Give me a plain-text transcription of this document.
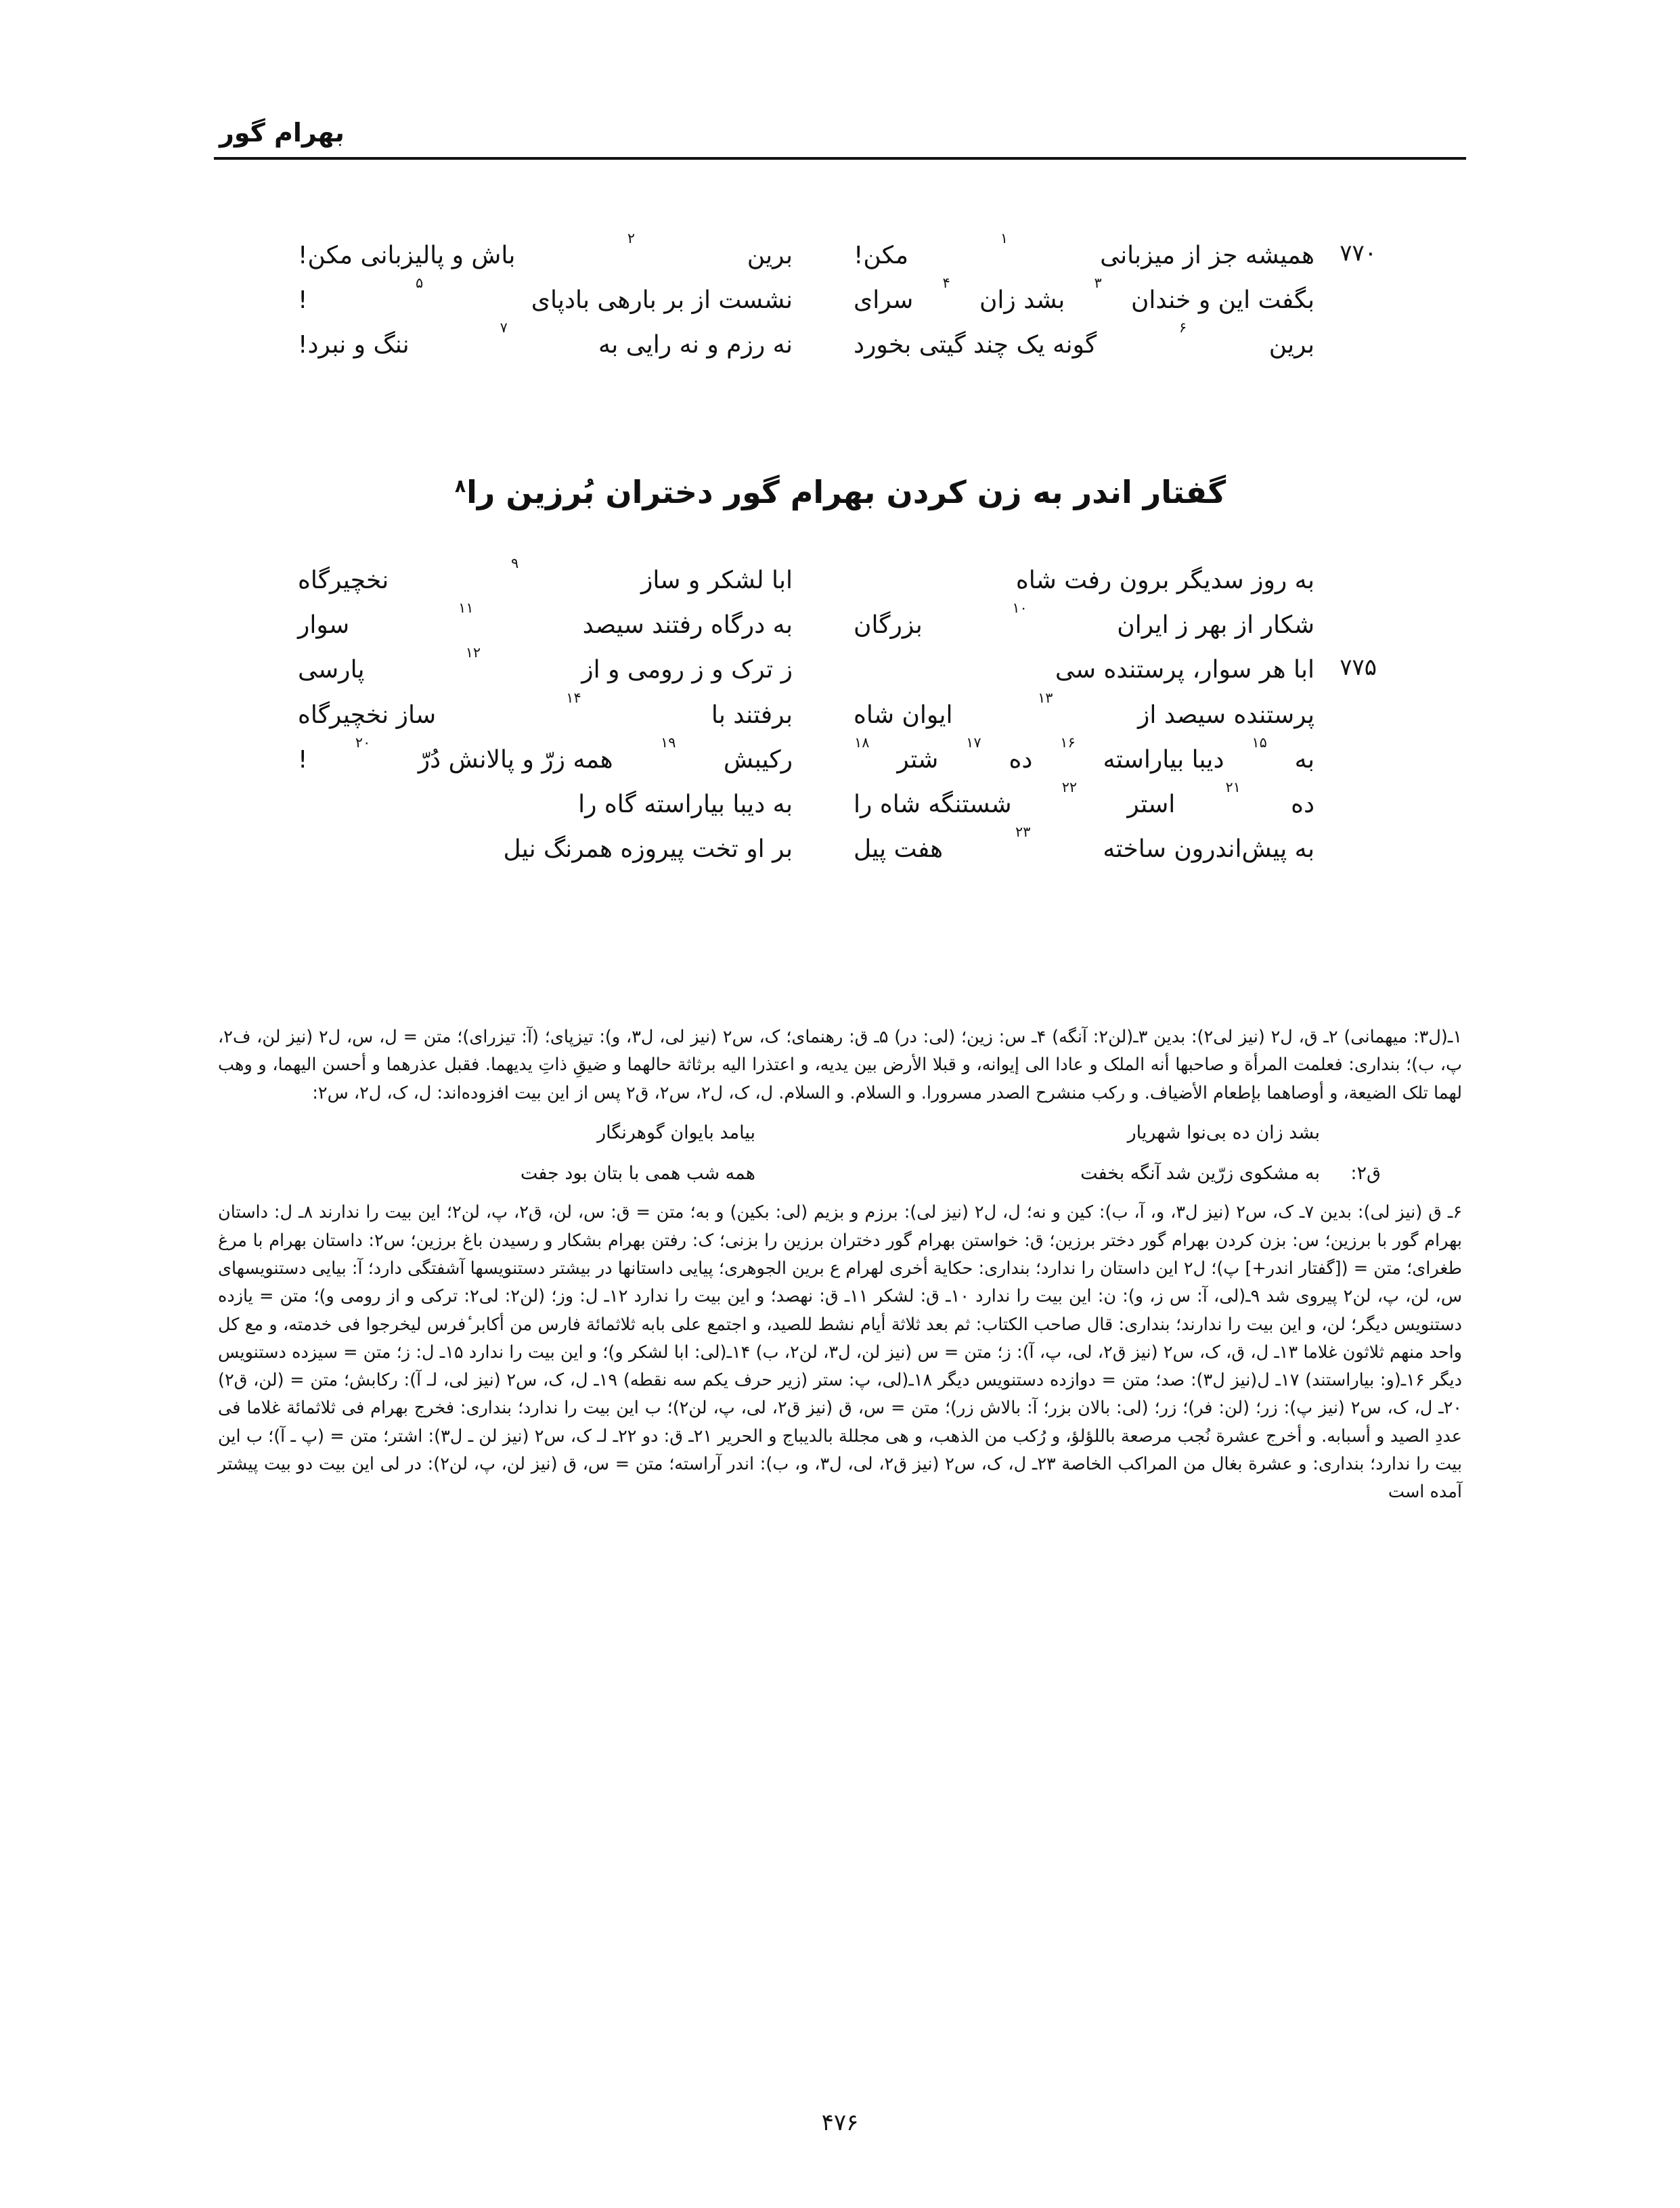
بهرام گور
۷۷۰
همیشه جز از میزبانی
۱
مکن!
برین
۲
باش و پالیزبانی مکن!
بگفت این و خندان
۳
بشد زان
۴
سرای
نشست از بر بارهی بادپای
۵
!
برین
۶
گونه یک چند گیتی بخورد
نه رزم و نه رایی به
۷
ننگ و نبرد!
گفتار اندر به زن کردن بهرام گور دختران بُرزین را$^۸$
به روز سدیگر برون رفت شاه
ابا لشکر و ساز
۹
نخچیرگاه
شکار از بهر ز ایران
۱۰
بزرگان
به درگاه رفتند سیصد
۱۱
سوار
۷۷۵
ابا هر سوار، پرستنده سی
ز ترک و ز رومی و از
۱۲
پارسی
پرستنده سیصد از
۱۳
ایوان شاه
برفتند با
۱۴
ساز نخچیرگاه
به
۱۵
دیبا بیاراسته
۱۶
ده
۱۷
شتر
۱۸
رکیبش
۱۹
همه زرّ و پالانش دُرّ
۲۰
!
ده
۲۱
استر
۲۲
شستنگه شاه را
به دیبا بیاراسته گاه را
به پیش‌اندرون ساخته
۲۳
هفت پیل
بر او تخت پیروزه همرنگ نیل

۱ـ(ل۳: میهمانی) ۲ـ ق، ل۲ (نیز لی۲): بدین ۳ـ(لن۲: آنگه) ۴ـ س: زین؛ (لی: در) ۵ـ ق: رهنمای؛ ک، س۲ (نیز لی، ل۳، و): تیزپای؛ (آ: تیزرای)؛ متن = ل، س، ل۲ (نیز لن، ف۲، پ، ب)؛ بنداری: فعلمت المرأة و صاحبها أنه الملک و عادا الی إیوانه، و قبلا الأرض بین یدیه، و اعتذرا الیه برثاثة حالهما و ضیقِ ذاتِ یدیهما. فقبل عذرهما و أحسن الیهما، و وهب لهما تلک الضیعة، و أوصاهما بإطعام الأضیاف. و رکب منشرح الصدر مسرورا. و السلام. و السلام. ل، ک، ل۲، س۲، ق۲ پس از این بیت افزوده‌اند: ل، ک، ل۲، س۲:

بشد زان ده بی‌نوا شهریار
بیامد بایوان گوهرنگار
ق۲:
به مشکوی زرّین شد آنگه بخفت
همه شب همی با بتان بود جفت

۶ـ ق (نیز لی): بدین ۷ـ ک، س۲ (نیز ل۳، و، آ، ب): کین و نه؛ ل، ل۲ (نیز لی): برزم و بزیم (لی: بکین) و به؛ متن = ق: س، لن، ق۲، پ، لن۲؛ این بیت را ندارند ۸ـ ل: داستان بهرام گور با برزین؛ س: بزن کردن بهرام گور دختر برزین؛ ق: خواستن بهرام گور دختران برزین را بزنی؛ ک: رفتن بهرام بشکار و رسیدن باغ برزین؛ س۲: داستان بهرام با مرغ طغرای؛ متن = ([گفتار اندر+] پ)؛ ل۲ این داستان را ندارد؛ بنداری: حکایة أخری لهرام ع برین الجوهری؛ پیایی داستانها در بیشتر دستنویسها آشفتگی دارد؛ آ: بیایی دستنویسهای س، لن، پ، لن۲ پیروی شد ۹ـ(لی، آ: س ز، و): ن: این بیت را ندارد ۱۰ـ ق: لشکر ۱۱ـ ق: نهصد؛ و این بیت را ندارد ۱۲ـ ل: وز؛ (لن۲: لی۲: ترکی و از رومی و)؛ متن = یازده دستنویس دیگر؛ لن، و این بیت را ندارند؛ بنداری: قال صاحب الکتاب: ثم بعد ثلاثة أیام نشط للصید، و اجتمع علی بابه ثلاثمائة فارس من أکابر ٔفرس لیخرجوا فی خدمته، و مع کل واحد منهم ثلاثون غلاما ۱۳ـ ل، ق، ک، س۲ (نیز ق۲، لی، پ، آ): ز؛ متن = س (نیز لن، ل۳، لن۲، ب) ۱۴ـ(لی: ابا لشکر و)؛ و این بیت را ندارد ۱۵ـ ل: ز؛ متن = سیزده دستنویس دیگر ۱۶ـ(و: بیاراستند) ۱۷ـ ل(نیز ل۳): صد؛ متن = دوازده دستنویس دیگر ۱۸ـ(لی، پ: ستر (زیر حرف یکم سه نقطه) ۱۹ـ ل، ک، س۲ (نیز لی، لـ آ): رکابش؛ متن = (لن، ق۲) ۲۰ـ ل، ک، س۲ (نیز پ): زر؛ (لن: فر)؛ زر؛ (لی: بالان بزر؛ آ: بالاش زر)؛ متن = س، ق (نیز ق۲، لی، پ، لن۲)؛ ب این بیت را ندارد؛ بنداری: فخرج بهرام فی ثلاثمائة غلاما فی عددِ الصید و أسبابه. و أخرج عشرة نُجب مرصعة باللؤلؤ، و رُکب من الذهب، و هی مجللة بالدیباج و الحریر ۲۱ـ ق: دو ۲۲ـ لـ ک، س۲ (نیز لن ـ ل۳): اشتر؛ متن = (پ ـ آ)؛ ب این بیت را ندارد؛ بنداری: و عشرة بغال من المراکب الخاصة ۲۳ـ ل، ک، س۲ (نیز ق۲، لی، ل۳، و، ب): اندر آراسته؛ متن = س، ق (نیز لن، پ، لن۲): در لی این بیت دو بیت پیشتر آمده است

۴۷۶
